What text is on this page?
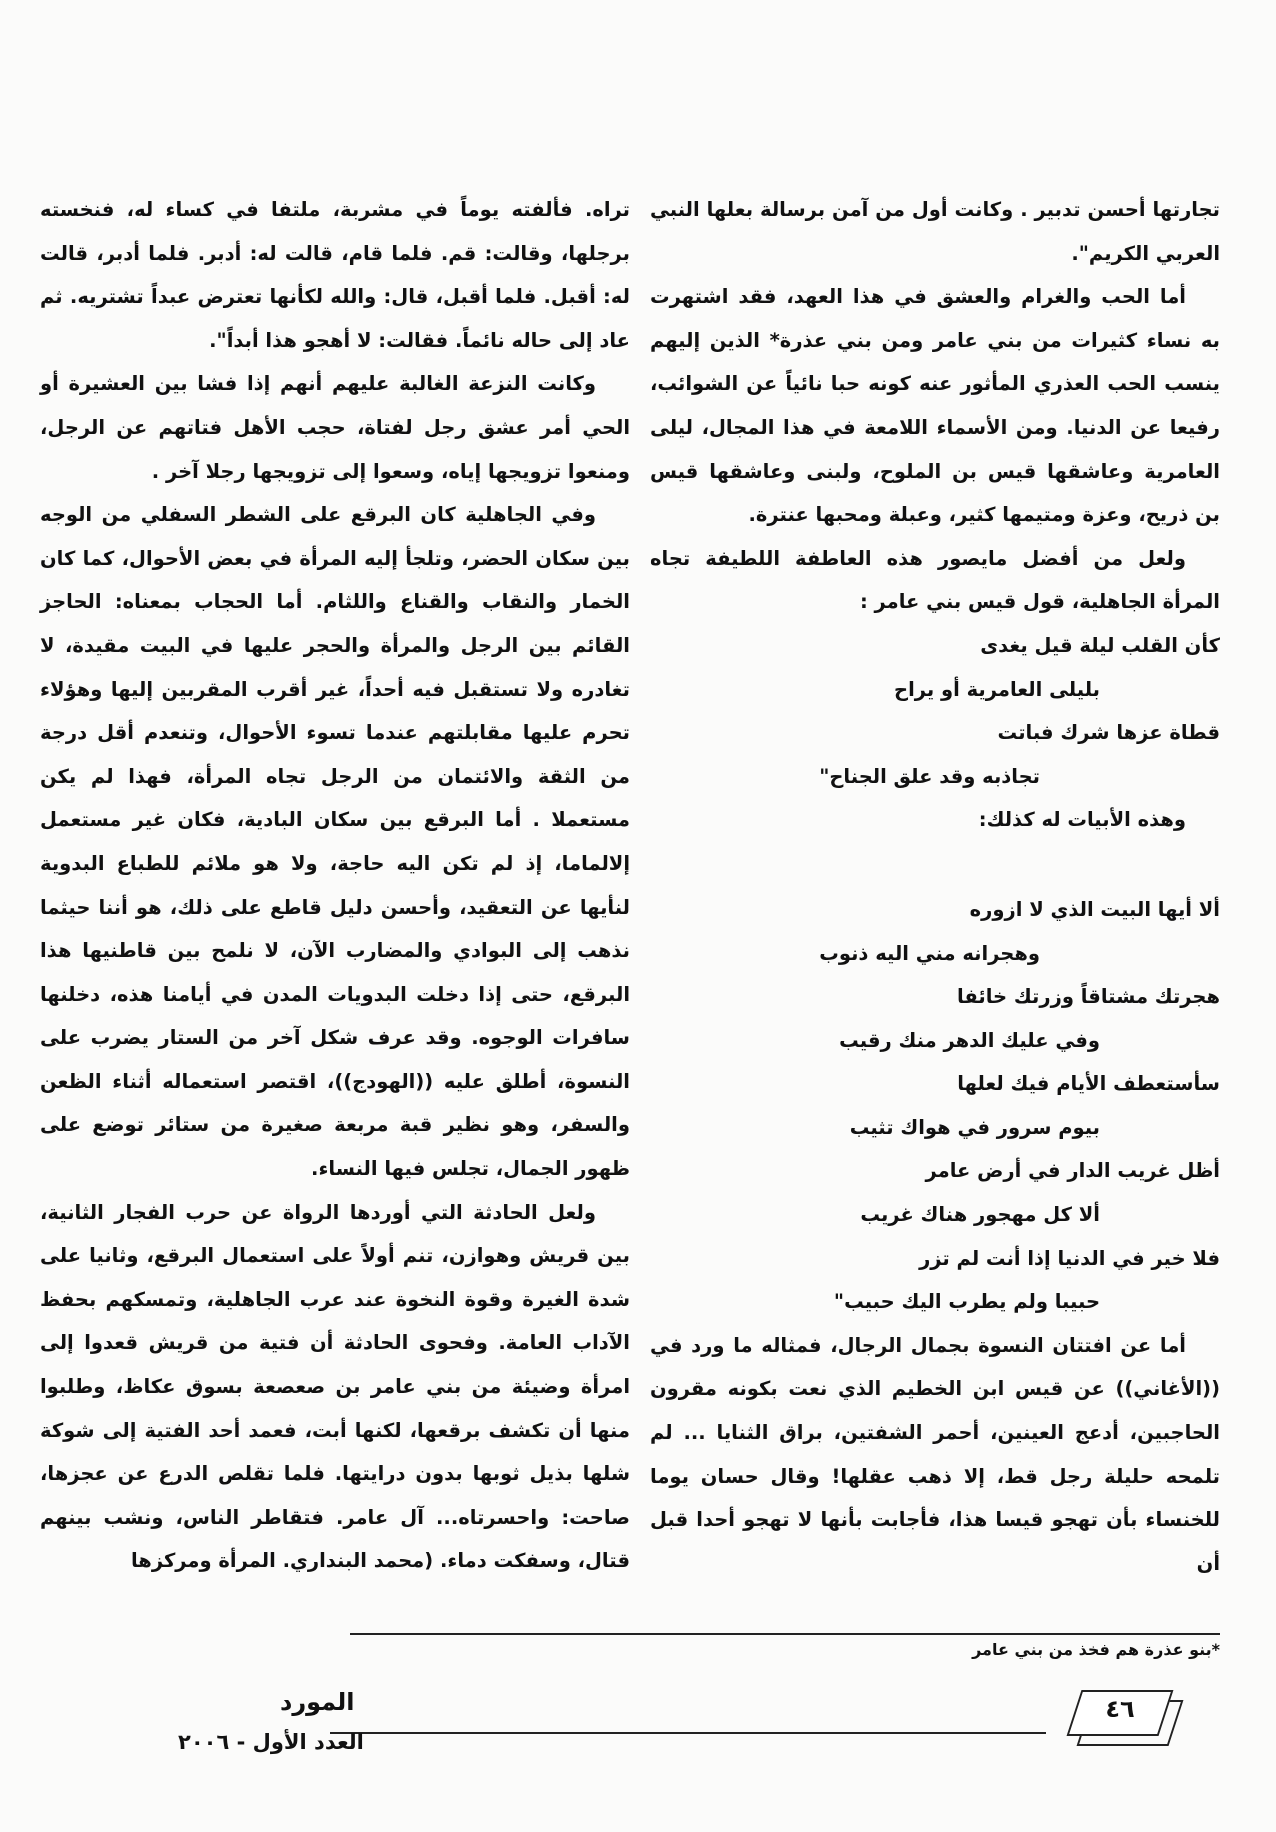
تجارتها أحسن تدبير . وكانت أول من آمن برسالة بعلها النبي العربي الكريم".

أما الحب والغرام والعشق في هذا العهد، فقد اشتهرت به نساء كثيرات من بني عامر ومن بني عذرة* الذين إليهم ينسب الحب العذري المأثور عنه كونه حبا نائياً عن الشوائب، رفيعا عن الدنيا. ومن الأسماء اللامعة في هذا المجال، ليلى العامرية وعاشقها قيس بن الملوح، ولبنى وعاشقها قيس بن ذريح، وعزة ومتيمها كثير، وعبلة ومحبها عنترة.

ولعل من أفضل مايصور هذه العاطفة اللطيفة تجاه المرأة الجاهلية، قول قيس بني عامر :

كأن القلب ليلة قيل يغدى

بليلى العامرية أو يراح

قطاة عزها شرك فباتت

تجاذبه وقد علق الجناح"

وهذه الأبيات له كذلك:

ألا أيها البيت الذي لا ازوره

وهجرانه مني اليه ذنوب

هجرتك مشتاقاً وزرتك خائفا

وفي عليك الدهر منك رقيب

سأستعطف الأيام فيك لعلها

بيوم سرور في هواك تثيب

أظل غريب الدار في أرض عامر

ألا كل مهجور هناك غريب

فلا خير في الدنيا إذا أنت لم تزر

حبيبا ولم يطرب اليك حبيب"

أما عن افتتان النسوة بجمال الرجال، فمثاله ما ورد في ((الأغاني)) عن قيس ابن الخطيم الذي نعت بكونه مقرون الحاجبين، أدعج العينين، أحمر الشفتين، براق الثنايا ... لم تلمحه حليلة رجل قط، إلا ذهب عقلها! وقال حسان يوما للخنساء بأن تهجو قيسا هذا، فأجابت بأنها لا تهجو أحدا قبل أن

تراه. فألفته يوماً في مشربة، ملتفا في كساء له، فنخسته برجلها، وقالت: قم. فلما قام، قالت له: أدبر. فلما أدبر، قالت له: أقبل. فلما أقبل، قال: والله لكأنها تعترض عبداً تشتريه. ثم عاد إلى حاله نائماً. فقالت: لا أهجو هذا أبداً".

وكانت النزعة الغالبة عليهم أنهم إذا فشا بين العشيرة أو الحي أمر عشق رجل لفتاة، حجب الأهل فتاتهم عن الرجل، ومنعوا تزويجها إياه، وسعوا إلى تزويجها رجلا آخر .

وفي الجاهلية كان البرقع على الشطر السفلي من الوجه بين سكان الحضر، وتلجأ إليه المرأة في بعض الأحوال، كما كان الخمار والنقاب والقناع واللثام. أما الحجاب بمعناه: الحاجز القائم بين الرجل والمرأة والحجر عليها في البيت مقيدة، لا تغادره ولا تستقبل فيه أحداً، غير أقرب المقربين إليها وهؤلاء تحرم عليها مقابلتهم عندما تسوء الأحوال، وتنعدم أقل درجة من الثقة والائتمان من الرجل تجاه المرأة، فهذا لم يكن مستعملا . أما البرقع بين سكان البادية، فكان غير مستعمل إلالماما، إذ لم تكن اليه حاجة، ولا هو ملائم للطباع البدوية لنأيها عن التعقيد، وأحسن دليل قاطع على ذلك، هو أننا حيثما نذهب إلى البوادي والمضارب الآن، لا نلمح بين قاطنيها هذا البرقع، حتى إذا دخلت البدويات المدن في أيامنا هذه، دخلنها سافرات الوجوه. وقد عرف شكل آخر من الستار يضرب على النسوة، أطلق عليه ((الهودج))، اقتصر استعماله أثناء الظعن والسفر، وهو نظير قبة مربعة صغيرة من ستائر توضع على ظهور الجمال، تجلس فيها النساء.

ولعل الحادثة التي أوردها الرواة عن حرب الفجار الثانية، بين قريش وهوازن، تنم أولاً على استعمال البرقع، وثانيا على شدة الغيرة وقوة النخوة عند عرب الجاهلية، وتمسكهم بحفظ الآداب العامة. وفحوى الحادثة أن فتية من قريش قعدوا إلى امرأة وضيئة من بني عامر بن صعصعة بسوق عكاظ، وطلبوا منها أن تكشف برقعها، لكنها أبت، فعمد أحد الفتية إلى شوكة شلها بذيل ثوبها بدون درايتها. فلما تقلص الدرع عن عجزها، صاحت: واحسرتاه... آل عامر. فتقاطر الناس، ونشب بينهم قتال، وسفكت دماء. (محمد البنداري. المرأة ومركزها

*بنو عذرة هم فخذ من بني عامر
٤٦
المورد
العدد الأول - ٢٠٠٦
